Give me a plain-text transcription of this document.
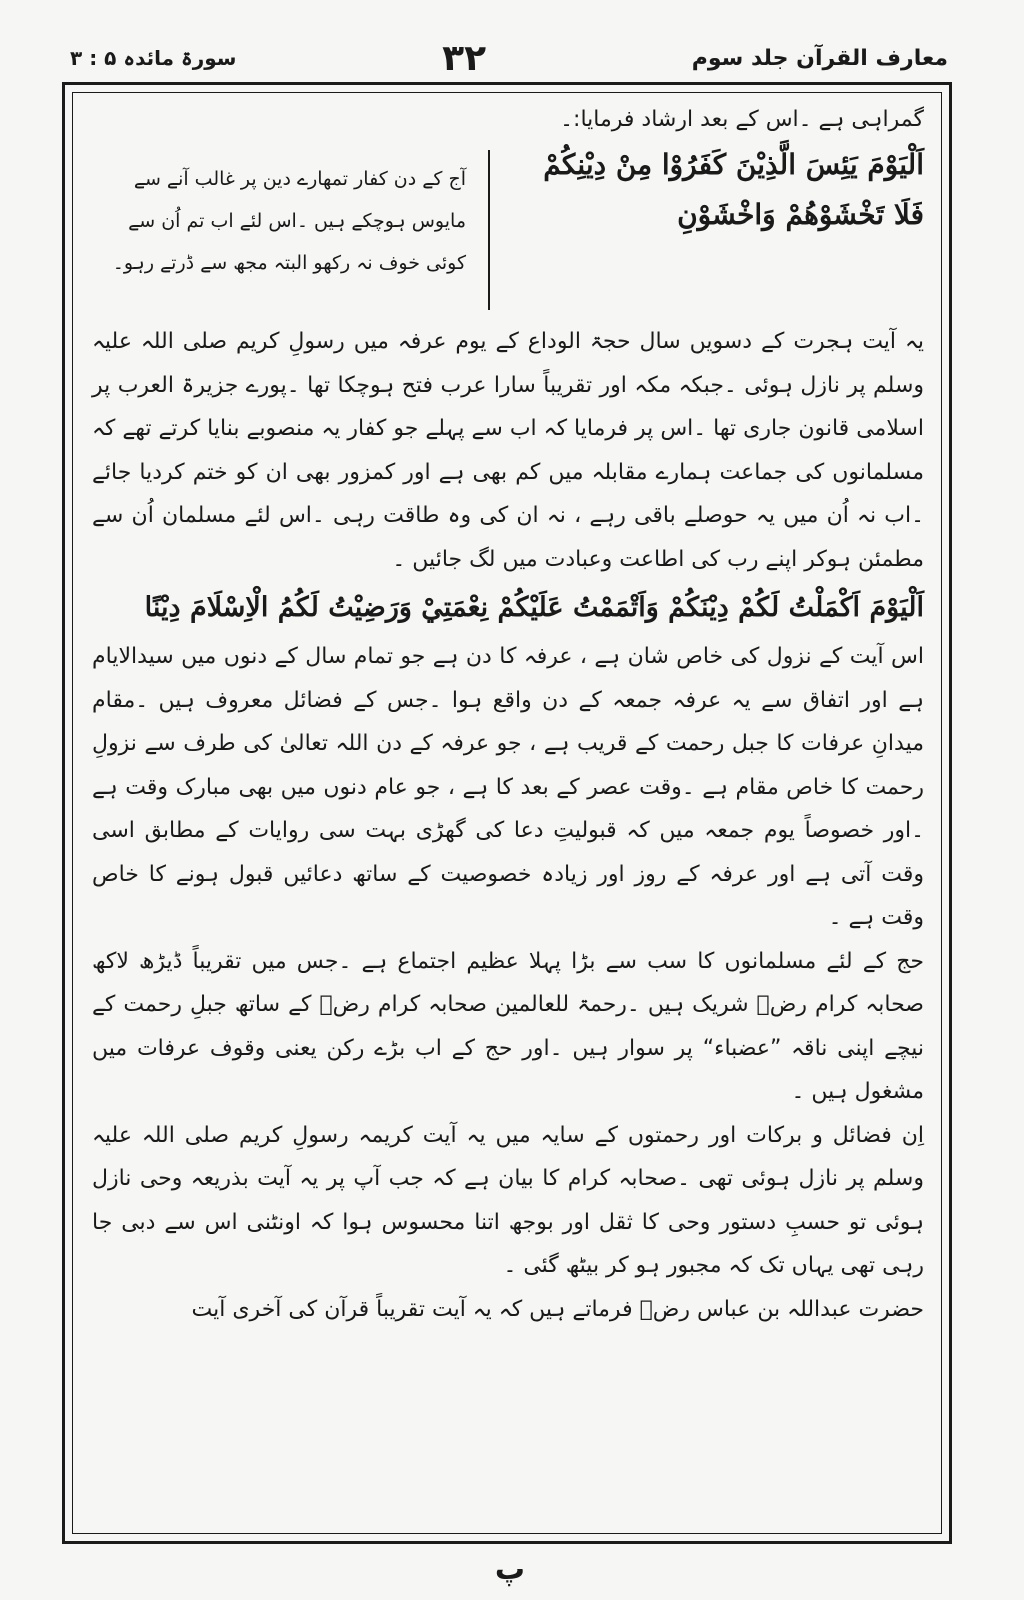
معارف القرآن جلد سوم
۳۲
سورۃ مائدہ ۵ : ۳
گمراہی ہے ۔اس کے بعد ارشاد فرمایا:۔
اَلْيَوْمَ يَئِسَ الَّذِيْنَ كَفَرُوْا مِنْ دِيْنِكُمْ فَلَا تَخْشَوْهُمْ وَاخْشَوْنِ
آج کے دن کفار تمھارے دین پر غالب آنے سے مایوس ہوچکے ہیں ۔اس لئے اب تم اُن سے کوئی خوف نہ رکھو البتہ مجھ سے ڈرتے رہو۔

یہ آیت ہجرت کے دسویں سال حجۃ الوداع کے یوم عرفہ میں رسولِ کریم صلی اللہ علیہ وسلم پر نازل ہوئی ۔جبکہ مکہ اور تقریباً سارا عرب فتح ہوچکا تھا ۔پورے جزیرۃ العرب پر اسلامی قانون جاری تھا ۔اس پر فرمایا کہ اب سے پہلے جو کفار یہ منصوبے بنایا کرتے تھے کہ مسلمانوں کی جماعت ہمارے مقابلہ میں کم بھی ہے اور کمزور بھی ان کو ختم کردیا جائے ۔اب نہ اُن میں یہ حوصلے باقی رہے ، نہ ان کی وہ طاقت رہی ۔اس لئے مسلمان اُن سے مطمئن ہوکر اپنے رب کی اطاعت وعبادت میں لگ جائیں ۔

اَلْيَوْمَ اَكْمَلْتُ لَكُمْ دِيْنَكُمْ وَاَتْمَمْتُ عَلَيْكُمْ نِعْمَتِيْ وَرَضِيْتُ لَكُمُ الْاِسْلَامَ دِيْنًا

اس آیت کے نزول کی خاص شان ہے ، عرفہ کا دن ہے جو تمام سال کے دنوں میں سیدالایام ہے اور اتفاق سے یہ عرفہ جمعہ کے دن واقع ہوا ۔جس کے فضائل معروف ہیں ۔مقام میدانِ عرفات کا جبل رحمت کے قریب ہے ، جو عرفہ کے دن اللہ تعالیٰ کی طرف سے نزولِ رحمت کا خاص مقام ہے ۔وقت عصر کے بعد کا ہے ، جو عام دنوں میں بھی مبارک وقت ہے ۔اور خصوصاً یوم جمعہ میں کہ قبولیتِ دعا کی گھڑی بہت سی روایات کے مطابق اسی وقت آتی ہے اور عرفہ کے روز اور زیادہ خصوصیت کے ساتھ دعائیں قبول ہونے کا خاص وقت ہے ۔

حج کے لئے مسلمانوں کا سب سے بڑا پہلا عظیم اجتماع ہے ۔جس میں تقریباً ڈیڑھ لاکھ صحابہ کرام رضؓ شریک ہیں ۔رحمۃ للعالمین صحابہ کرام رضؓ کے ساتھ جبلِ رحمت کے نیچے اپنی ناقہ ”عضباء“ پر سوار ہیں ۔اور حج کے اب بڑے رکن یعنی وقوف عرفات میں مشغول ہیں ۔

اِن فضائل و برکات اور رحمتوں کے سایہ میں یہ آیت کریمہ رسولِ کریم صلی اللہ علیہ وسلم پر نازل ہوئی تھی ۔صحابہ کرام کا بیان ہے کہ جب آپ پر یہ آیت بذریعہ وحی نازل ہوئی تو حسبِ دستور وحی کا ثقل اور بوجھ اتنا محسوس ہوا کہ اونٹنی اس سے دبی جا رہی تھی یہاں تک کہ مجبور ہو کر بیٹھ گئی ۔

حضرت عبداللہ بن عباس رضؓ فرماتے ہیں کہ یہ آیت تقریباً قرآن کی آخری آیت

پ
